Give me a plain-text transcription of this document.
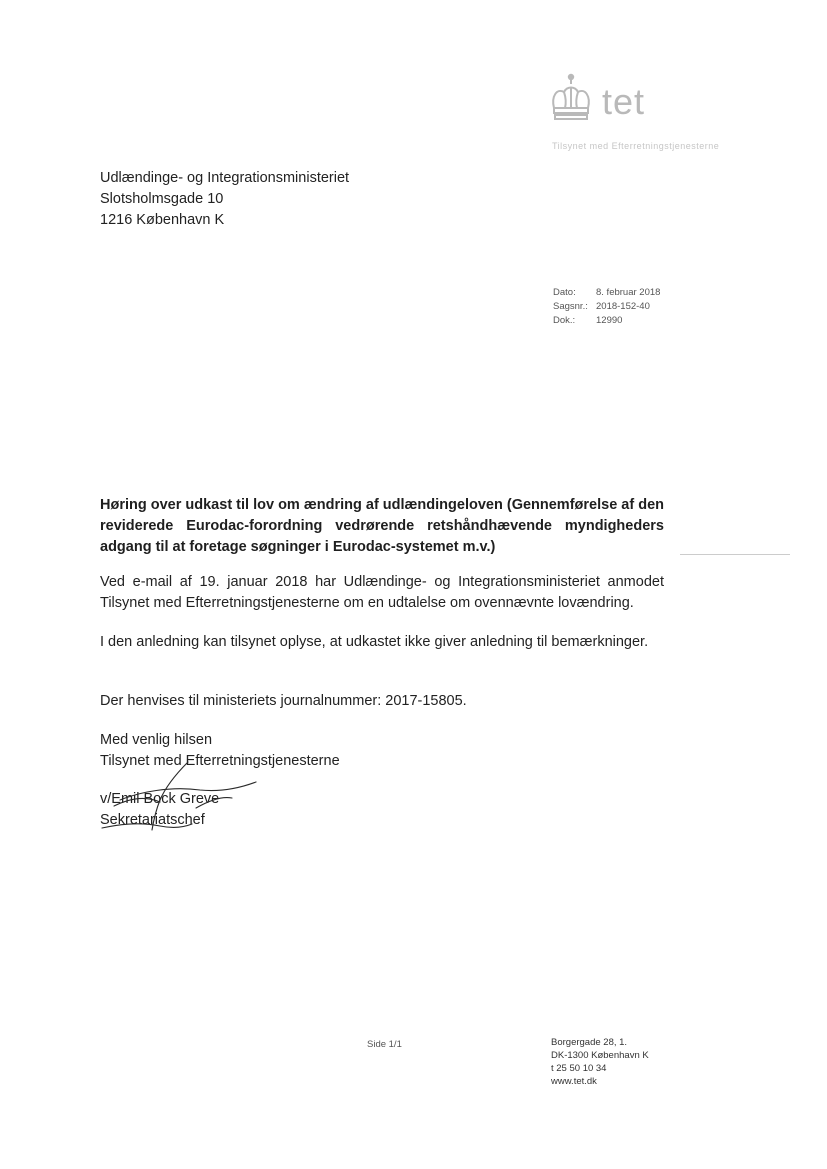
tet
Tilsynet med Efterretningstjenesterne
Udlændinge- og Integrationsministeriet
Slotsholmsgade 10
1216 København K
Dato:	8. februar 2018
Sagsnr.: 2018-152-40
Dok.:	12990
Høring over udkast til lov om ændring af udlændingeloven (Gennemførelse af den reviderede Eurodac-forordning vedrørende retshåndhævende myndigheders adgang til at foretage søgninger i Eurodac-systemet m.v.)
Ved e-mail af 19. januar 2018 har Udlændinge- og Integrationsministeriet anmodet Tilsynet med Efterretningstjenesterne om en udtalelse om ovennævnte lovændring.
I den anledning kan tilsynet oplyse, at udkastet ikke giver anledning til bemærkninger.
Der henvises til ministeriets journalnummer: 2017-15805.
Med venlig hilsen
Tilsynet med Efterretningstjenesterne
v/Emil Bock Greve
Sekretariatschef
Side 1/1	Borgergade 28, 1.
DK-1300 København K
t 25 50 10 34
www.tet.dk
